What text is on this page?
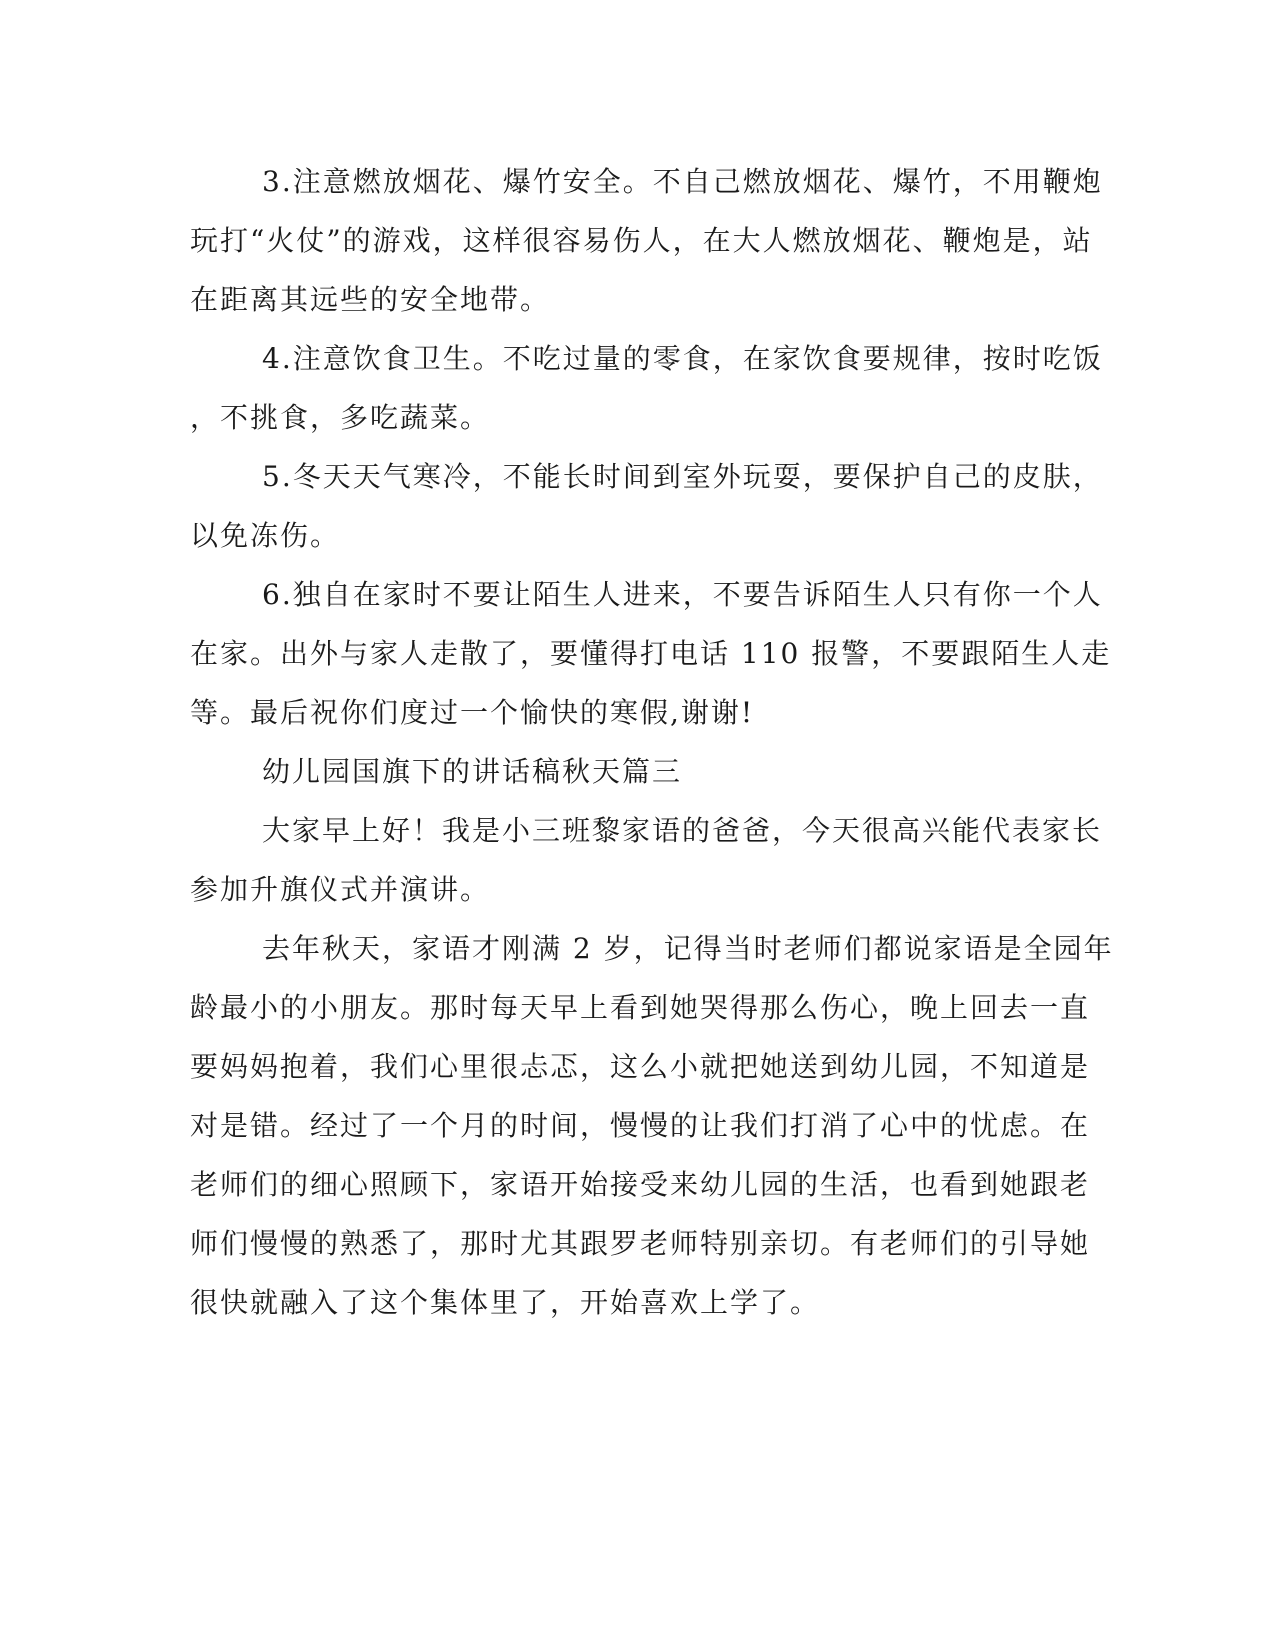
3.注意燃放烟花、爆竹安全。不自己燃放烟花、爆竹，不用鞭炮
玩打“火仗”的游戏，这样很容易伤人，在大人燃放烟花、鞭炮是，站
在距离其远些的安全地带。
4.注意饮食卫生。不吃过量的零食，在家饮食要规律，按时吃饭
，不挑食，多吃蔬菜。
5.冬天天气寒冷，不能长时间到室外玩耍，要保护自己的皮肤，
以免冻伤。
6.独自在家时不要让陌生人进来，不要告诉陌生人只有你一个人
在家。出外与家人走散了，要懂得打电话 110 报警，不要跟陌生人走
等。最后祝你们度过一个愉快的寒假,谢谢!
幼儿园国旗下的讲话稿秋天篇三
大家早上好！我是小三班黎家语的爸爸，今天很高兴能代表家长
参加升旗仪式并演讲。
去年秋天，家语才刚满 2 岁，记得当时老师们都说家语是全园年
龄最小的小朋友。那时每天早上看到她哭得那么伤心，晚上回去一直
要妈妈抱着，我们心里很忐忑，这么小就把她送到幼儿园，不知道是
对是错。经过了一个月的时间，慢慢的让我们打消了心中的忧虑。在
老师们的细心照顾下，家语开始接受来幼儿园的生活，也看到她跟老
师们慢慢的熟悉了，那时尤其跟罗老师特别亲切。有老师们的引导她
很快就融入了这个集体里了，开始喜欢上学了。
